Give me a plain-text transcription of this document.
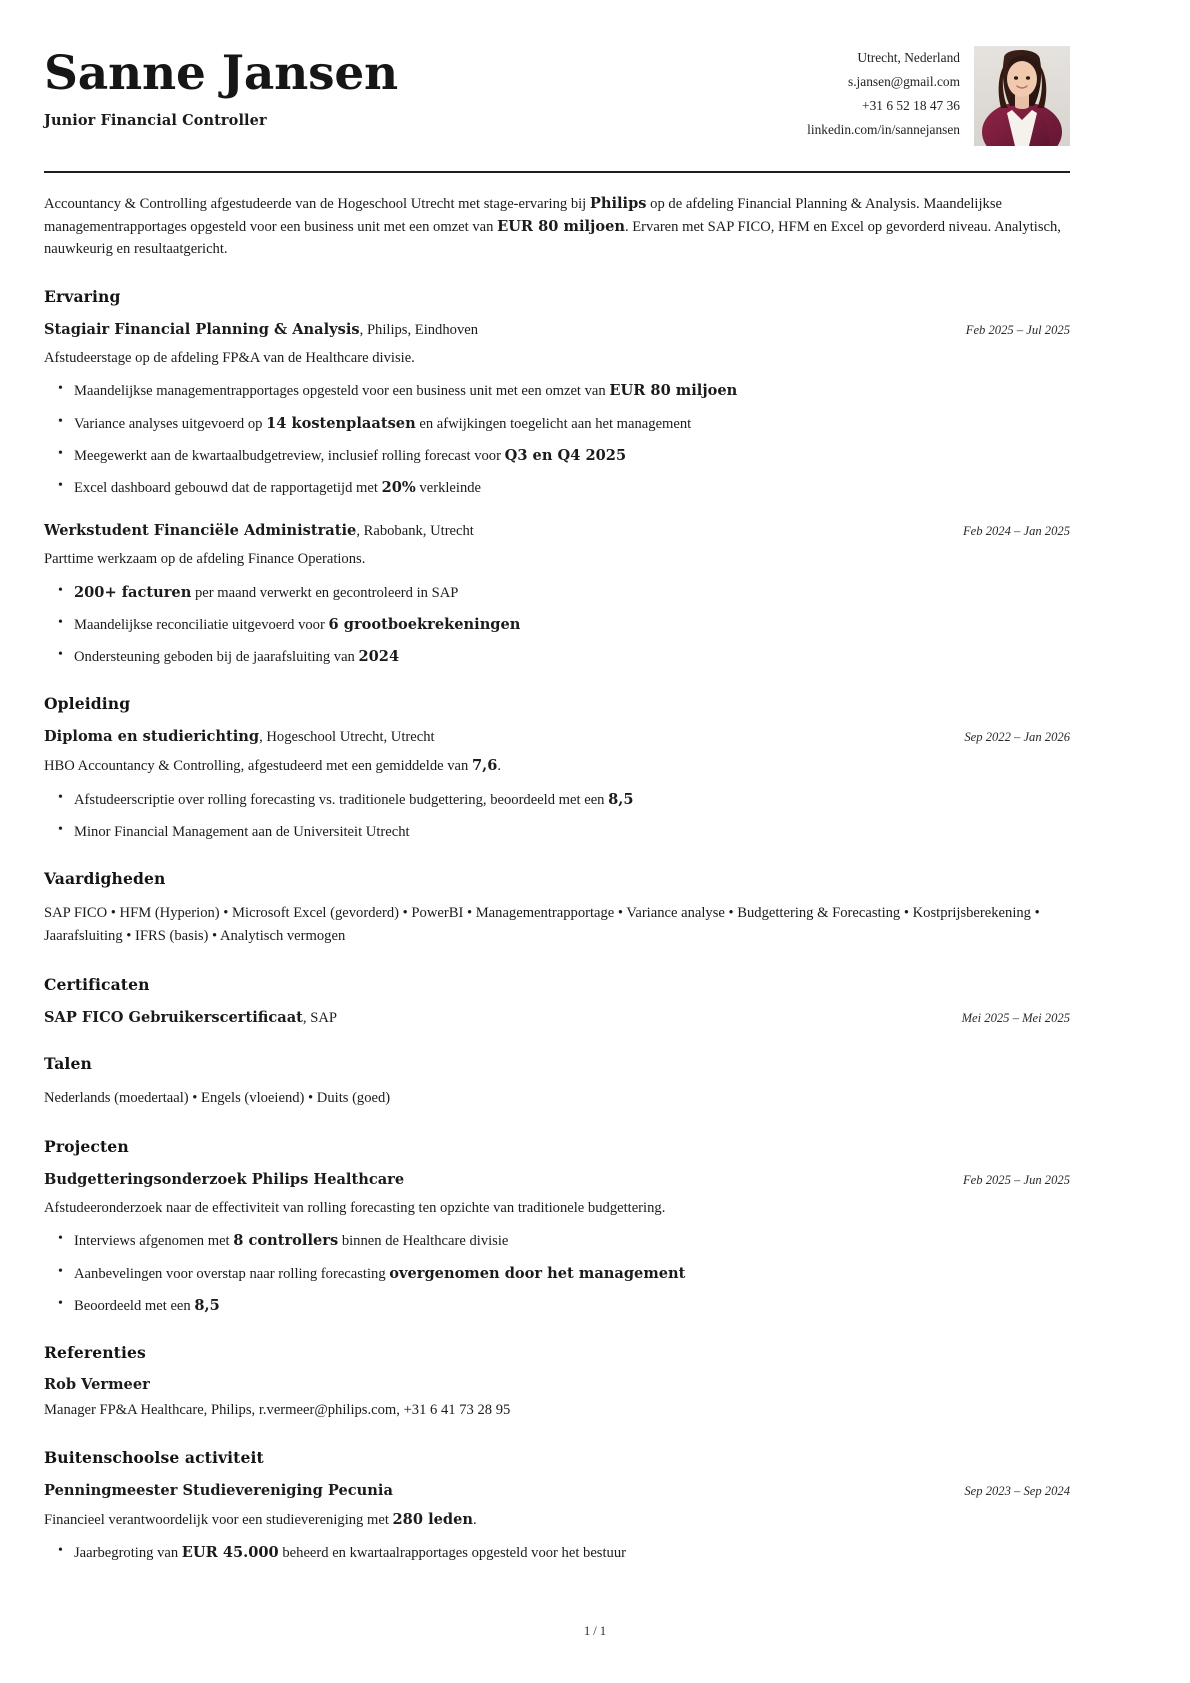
Sanne Jansen
Junior Financial Controller
Utrecht, Nederland
s.jansen@gmail.com
+31 6 52 18 47 36
linkedin.com/in/sannejansen
Accountancy & Controlling afgestudeerde van de Hogeschool Utrecht met stage-ervaring bij Philips op de afdeling Financial Planning & Analysis. Maandelijkse managementrapportages opgesteld voor een business unit met een omzet van EUR 80 miljoen. Ervaren met SAP FICO, HFM en Excel op gevorderd niveau. Analytisch, nauwkeurig en resultaatgericht.
Ervaring
Stagiair Financial Planning & Analysis, Philips, Eindhoven	Feb 2025 – Jul 2025
Afstudeerstage op de afdeling FP&A van de Healthcare divisie.
• Maandelijkse managementrapportages opgesteld voor een business unit met een omzet van EUR 80 miljoen
• Variance analyses uitgevoerd op 14 kostenplaatsen en afwijkingen toegelicht aan het management
• Meegewerkt aan de kwartaalbudgetreview, inclusief rolling forecast voor Q3 en Q4 2025
• Excel dashboard gebouwd dat de rapportagetijd met 20% verkleinde
Werkstudent Financiële Administratie, Rabobank, Utrecht	Feb 2024 – Jan 2025
Parttime werkzaam op de afdeling Finance Operations.
• 200+ facturen per maand verwerkt en gecontroleerd in SAP
• Maandelijkse reconciliatie uitgevoerd voor 6 grootboekrekeningen
• Ondersteuning geboden bij de jaarafsluiting van 2024
Opleiding
Diploma en studierichting, Hogeschool Utrecht, Utrecht	Sep 2022 – Jan 2026
HBO Accountancy & Controlling, afgestudeerd met een gemiddelde van 7,6.
• Afstudeerscriptie over rolling forecasting vs. traditionele budgettering, beoordeeld met een 8,5
• Minor Financial Management aan de Universiteit Utrecht
Vaardigheden
SAP FICO • HFM (Hyperion) • Microsoft Excel (gevorderd) • PowerBI • Managementrapportage • Variance analyse • Budgettering & Forecasting • Kostprijsberekening • Jaarafsluiting • IFRS (basis) • Analytisch vermogen
Certificaten
SAP FICO Gebruikerscertificaat, SAP	Mei 2025 – Mei 2025
Talen
Nederlands (moedertaal) • Engels (vloeiend) • Duits (goed)
Projecten
Budgetteringsonderzoek Philips Healthcare	Feb 2025 – Jun 2025
Afstudeeronderzoek naar de effectiviteit van rolling forecasting ten opzichte van traditionele budgettering.
• Interviews afgenomen met 8 controllers binnen de Healthcare divisie
• Aanbevelingen voor overstap naar rolling forecasting overgenomen door het management
• Beoordeeld met een 8,5
Referenties
Rob Vermeer
Manager FP&A Healthcare, Philips, r.vermeer@philips.com, +31 6 41 73 28 95
Buitenschoolse activiteit
Penningmeester Studievereniging Pecunia	Sep 2023 – Sep 2024
Financieel verantwoordelijk voor een studievereniging met 280 leden.
• Jaarbegroting van EUR 45.000 beheerd en kwartaalrapportages opgesteld voor het bestuur
1 / 1
